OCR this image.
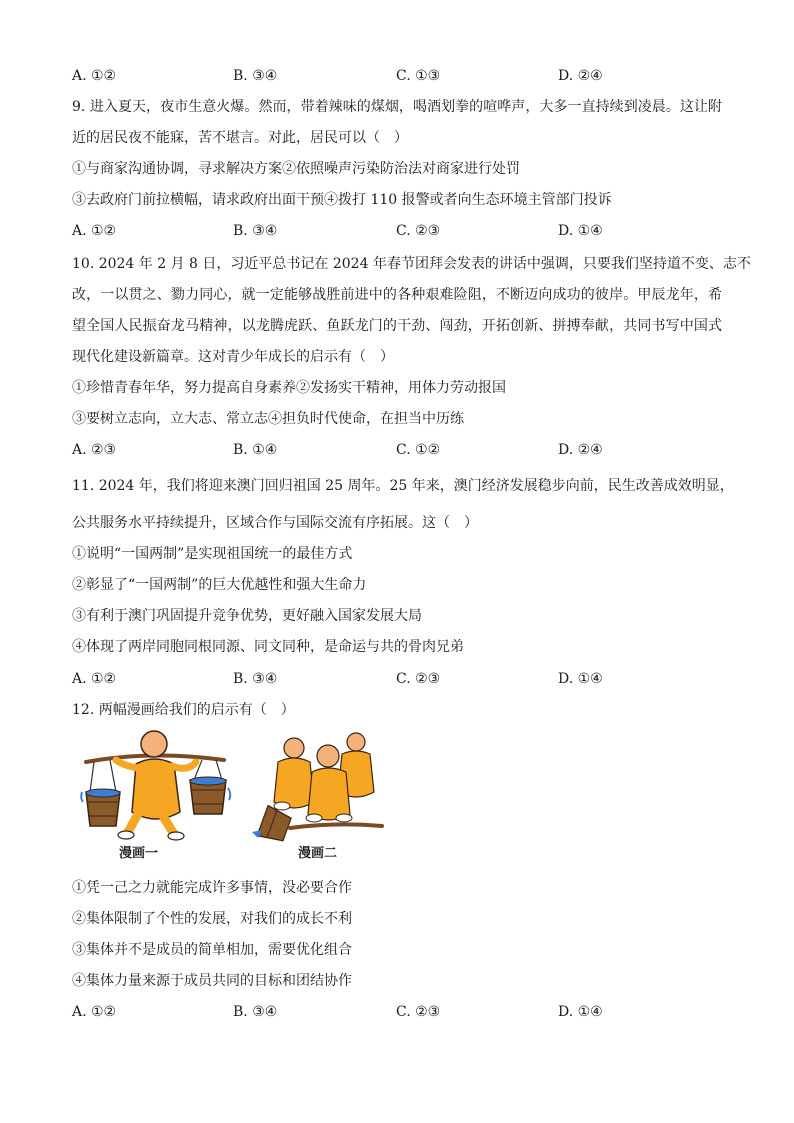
A. ①②	B. ③④	C. ①③	D. ②④
9. 进入夏天，夜市生意火爆。然而，带着辣味的煤烟，喝酒划拳的喧哗声，大多一直持续到凌晨。这让附
近的居民夜不能寐，苦不堪言。对此，居民可以（　）
①与商家沟通协调，寻求解决方案②依照噪声污染防治法对商家进行处罚
③去政府门前拉横幅，请求政府出面干预④拨打 110 报警或者向生态环境主管部门投诉
A. ①②	B. ③④	C. ②③	D. ①④
10. 2024 年 2 月 8 日，习近平总书记在 2024 年春节团拜会发表的讲话中强调，只要我们坚持道不变、志不
改，一以贯之、勠力同心，就一定能够战胜前进中的各种艰难险阻，不断迈向成功的彼岸。甲辰龙年，希
望全国人民振奋龙马精神，以龙腾虎跃、鱼跃龙门的干劲、闯劲，开拓创新、拼搏奉献，共同书写中国式
现代化建设新篇章。这对青少年成长的启示有（　）
①珍惜青春年华，努力提高自身素养②发扬实干精神，用体力劳动报国
③要树立志向，立大志、常立志④担负时代使命，在担当中历练
A. ②③	B. ①④	C. ①②	D. ②④
11. 2024 年，我们将迎来澳门回归祖国 25 周年。25 年来，澳门经济发展稳步向前，民生改善成效明显，
公共服务水平持续提升，区域合作与国际交流有序拓展。这（　）
①说明“一国两制”是实现祖国统一的最佳方式
②彰显了“一国两制”的巨大优越性和强大生命力
③有利于澳门巩固提升竞争优势，更好融入国家发展大局
④体现了两岸同胞同根同源、同文同种，是命运与共的骨肉兄弟
A. ①②	B. ③④	C. ②③	D. ①④
12. 两幅漫画给我们的启示有（　）
漫画一	漫画二
①凭一己之力就能完成许多事情，没必要合作
②集体限制了个性的发展，对我们的成长不利
③集体并不是成员的简单相加，需要优化组合
④集体力量来源于成员共同的目标和团结协作
A. ①②	B. ③④	C. ②③	D. ①④
